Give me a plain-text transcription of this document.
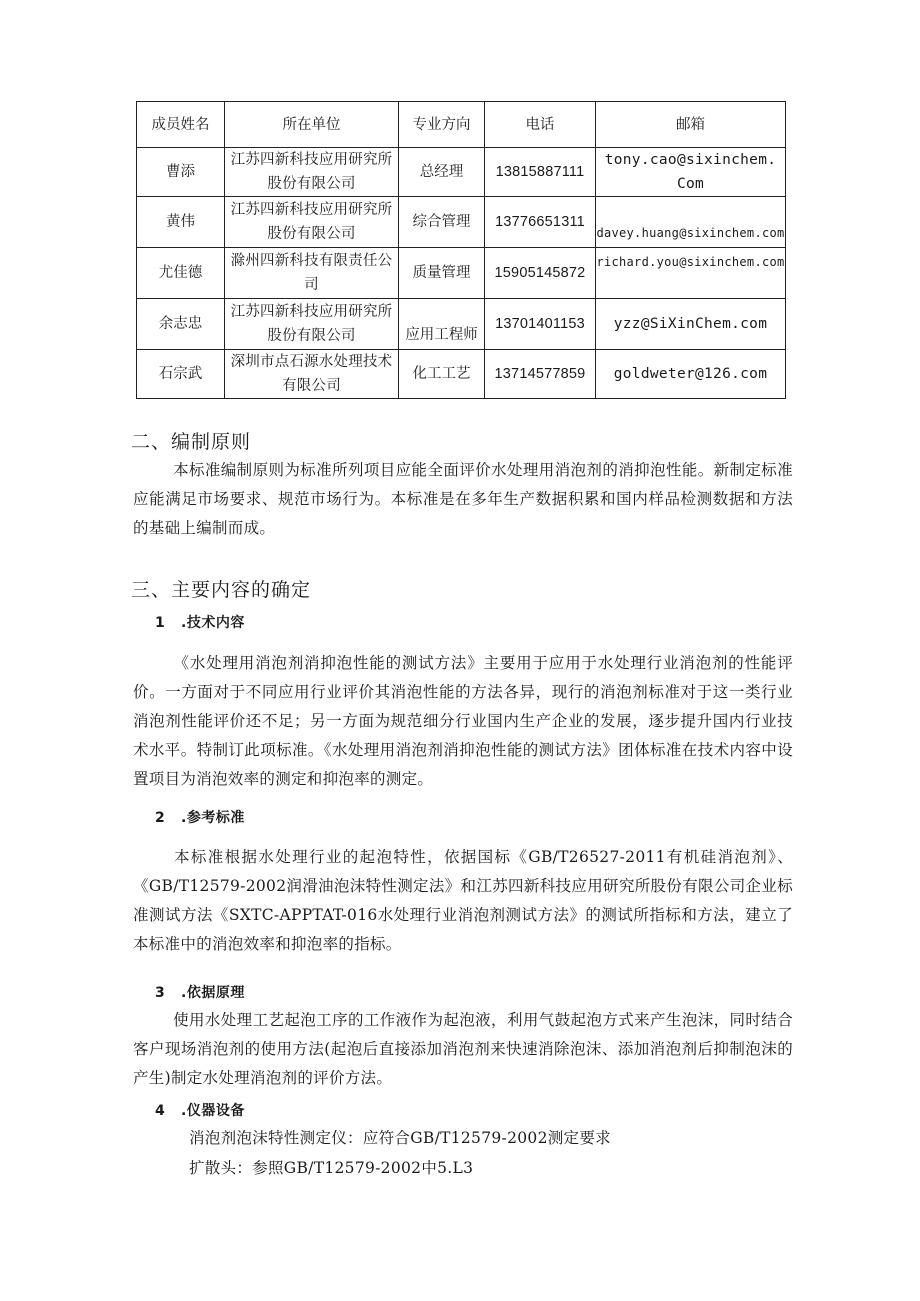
成员姓名	所在单位	专业方向	电话	邮箱
曹添	江苏四新科技应用研究所股份有限公司	总经理	13815887111	tony.cao@sixinchem.Com
黄伟	江苏四新科技应用研究所股份有限公司	综合管理	13776651311	davey.huang@sixinchem.com
尤佳德	滁州四新科技有限责任公司	质量管理	15905145872	richard.you@sixinchem.com
余志忠	江苏四新科技应用研究所股份有限公司	应用工程师	13701401153	yzz@SiXinChem.com
石宗武	深圳市点石源水处理技术有限公司	化工工艺	13714577859	goldweter@126.com
二、编制原则

本标准编制原则为标准所列项目应能全面评价水处理用消泡剂的消抑泡性能。新制定标准应能满足市场要求、规范市场行为。本标准是在多年生产数据积累和国内样品检测数据和方法的基础上编制而成。

三、主要内容的确定
1 .技术内容

《水处理用消泡剂消抑泡性能的测试方法》主要用于应用于水处理行业消泡剂的性能评价。一方面对于不同应用行业评价其消泡性能的方法各异，现行的消泡剂标准对于这一类行业消泡剂性能评价还不足；另一方面为规范细分行业国内生产企业的发展，逐步提升国内行业技术水平。特制订此项标准。《水处理用消泡剂消抑泡性能的测试方法》团体标准在技术内容中设置项目为消泡效率的测定和抑泡率的测定。

2 .参考标准

本标准根据水处理行业的起泡特性，依据国标《GB/T26527-2011有机硅消泡剂》、《GB/T12579-2002润滑油泡沫特性测定法》和江苏四新科技应用研究所股份有限公司企业标准测试方法《SXTC-APPTAT-016水处理行业消泡剂测试方法》的测试所指标和方法，建立了本标准中的消泡效率和抑泡率的指标。

3 .依据原理

使用水处理工艺起泡工序的工作液作为起泡液，利用气鼓起泡方式来产生泡沫，同时结合客户现场消泡剂的使用方法(起泡后直接添加消泡剂来快速消除泡沫、添加消泡剂后抑制泡沫的产生)制定水处理消泡剂的评价方法。

4 .仪器设备
消泡剂泡沫特性测定仪：应符合GB/T12579-2002测定要求
扩散头：参照GB/T12579-2002中5.L3
